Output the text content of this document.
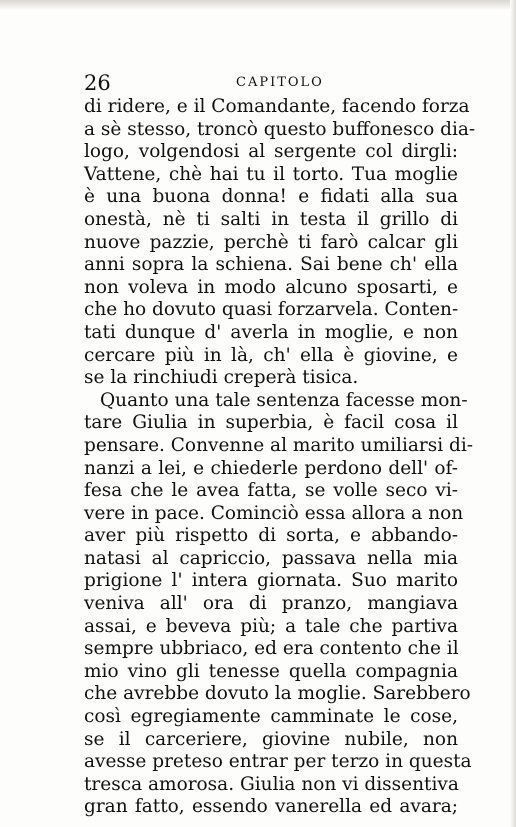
26	CAPITOLO
di ridere, e il Comandante, facendo forza
a sè stesso, troncò questo buffonesco dia-
logo, volgendosi al sergente col dirgli:
Vattene, chè hai tu il torto. Tua moglie
è una buona donna! e fidati alla sua
onestà, nè ti salti in testa il grillo di
nuove pazzie, perchè ti farò calcar gli
anni sopra la schiena. Sai bene ch' ella
non voleva in modo alcuno sposarti, e
che ho dovuto quasi forzarvela. Conten-
tati dunque d' averla in moglie, e non
cercare più in là, ch' ella è giovine, e
se la rinchiudi creperà tisica.
Quanto una tale sentenza facesse mon-
tare Giulia in superbia, è facil cosa il
pensare. Convenne al marito umiliarsi di-
nanzi a lei, e chiederle perdono dell' of-
fesa che le avea fatta, se volle seco vi-
vere in pace. Cominciò essa allora a non
aver più rispetto di sorta, e abbando-
natasi al capriccio, passava nella mia
prigione l' intera giornata. Suo marito
veniva all' ora di pranzo, mangiava
assai, e beveva più; a tale che partiva
sempre ubbriaco, ed era contento che il
mio vino gli tenesse quella compagnia
che avrebbe dovuto la moglie. Sarebbero
così egregiamente camminate le cose,
se il carceriere, giovine nubile, non
avesse preteso entrar per terzo in questa
tresca amorosa. Giulia non vi dissentiva
gran fatto, essendo vanerella ed avara;
